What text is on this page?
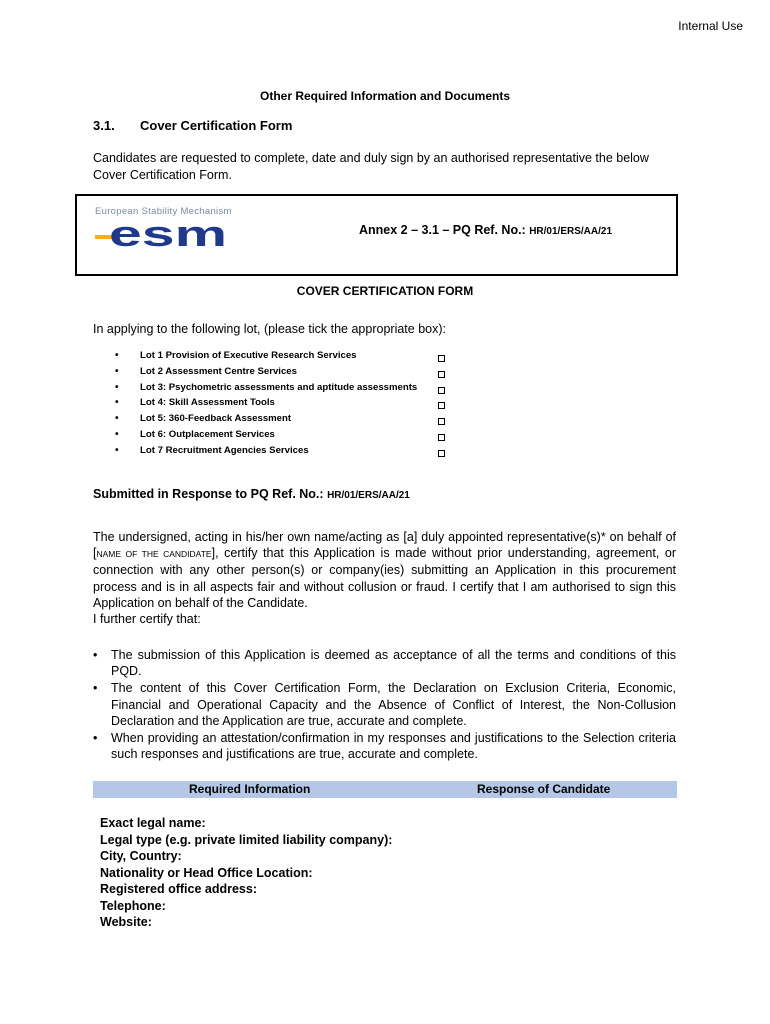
Internal Use
Other Required Information and Documents
3.1. Cover Certification Form
Candidates are requested to complete, date and duly sign by an authorised representative the below Cover Certification Form.
European Stability Mechanism
esm	Annex 2 – 3.1 – PQ Ref. No.: HR/01/ERS/AA/21
COVER CERTIFICATION FORM
In applying to the following lot, (please tick the appropriate box):
• Lot 1 Provision of Executive Research Services
• Lot 2 Assessment Centre Services
• Lot 3: Psychometric assessments and aptitude assessments
• Lot 4: Skill Assessment Tools
• Lot 5: 360-Feedback Assessment
• Lot 6: Outplacement Services
• Lot 7 Recruitment Agencies Services
Submitted in Response to PQ Ref. No.: HR/01/ERS/AA/21
The undersigned, acting in his/her own name/acting as [a] duly appointed representative(s)* on behalf of [NAME OF THE CANDIDATE], certify that this Application is made without prior understanding, agreement, or connection with any other person(s) or company(ies) submitting an Application in this procurement process and is in all aspects fair and without collusion or fraud. I certify that I am authorised to sign this Application on behalf of the Candidate.
I further certify that:
• The submission of this Application is deemed as acceptance of all the terms and conditions of this PQD.
• The content of this Cover Certification Form, the Declaration on Exclusion Criteria, Economic, Financial and Operational Capacity and the Absence of Conflict of Interest, the Non-Collusion Declaration and the Application are true, accurate and complete.
• When providing an attestation/confirmation in my responses and justifications to the Selection criteria such responses and justifications are true, accurate and complete.
Required Information	Response of Candidate
Exact legal name:
Legal type (e.g. private limited liability company):
City, Country:
Nationality or Head Office Location:
Registered office address:
Telephone:
Website:
